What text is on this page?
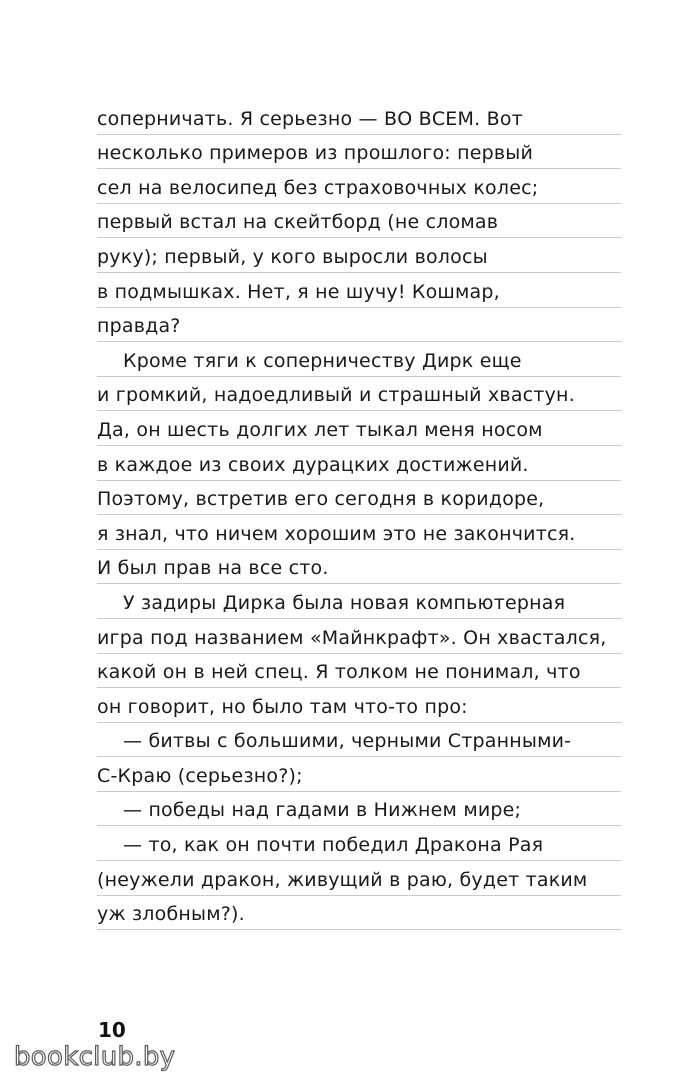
соперничать. Я серьезно — ВО ВСЕМ. Вот
несколько примеров из прошлого: первый
сел на велосипед без страховочных колес;
первый встал на скейтборд (не сломав
руку); первый, у кого выросли волосы
в подмышках. Нет, я не шучу! Кошмар,
правда?
Кроме тяги к соперничеству Дирк еще
и громкий, надоедливый и страшный хвастун.
Да, он шесть долгих лет тыкал меня носом
в каждое из своих дурацких достижений.
Поэтому, встретив его сегодня в коридоре,
я знал, что ничем хорошим это не закончится.
И был прав на все сто.
У задиры Дирка была новая компьютерная
игра под названием «Майнкрафт». Он хвастался,
какой он в ней спец. Я толком не понимал, что
он говорит, но было там что-то про:
— битвы с большими, черными Странными-
С-Краю (серьезно?);
— победы над гадами в Нижнем мире;
— то, как он почти победил Дракона Рая
(неужели дракон, живущий в раю, будет таким
уж злобным?).
10
bookclub.by
